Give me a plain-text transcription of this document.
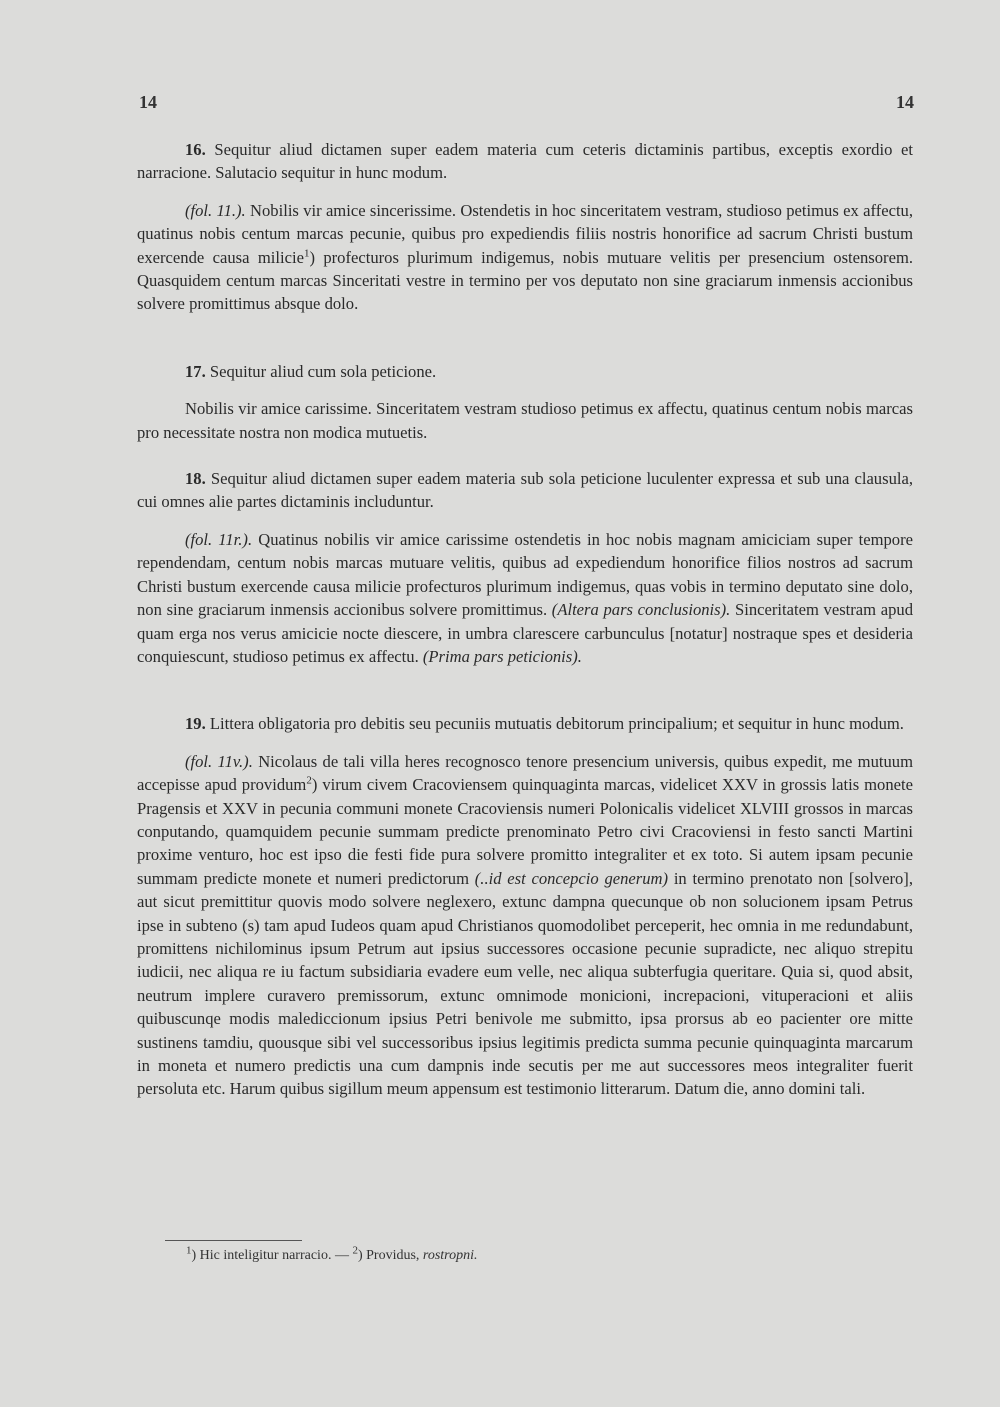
14	14

16. Sequitur aliud dictamen super eadem materia cum ceteris dictaminis partibus, exceptis exordio et narracione. Salutacio sequitur in hunc modum.

(fol. 11.). Nobilis vir amice sincerissime. Ostendetis in hoc sinceritatem vestram, studioso petimus ex affectu, quatinus nobis centum marcas pecunie, quibus pro expediendis filiis nostris honorifice ad sacrum Christi bustum exercende causa milicie$^1$) profecturos plurimum indigemus, nobis mutuare velitis per presencium ostensorem. Quasquidem centum marcas Sinceritati vestre in termino per vos deputato non sine graciarum inmensis accionibus solvere promittimus absque dolo.

17. Sequitur aliud cum sola peticione.

Nobilis vir amice carissime. Sinceritatem vestram studioso petimus ex affectu, quatinus centum nobis marcas pro necessitate nostra non modica mutuetis.

18. Sequitur aliud dictamen super eadem materia sub sola peticione luculenter expressa et sub una clausula, cui omnes alie partes dictaminis includuntur.

(fol. 11r.). Quatinus nobilis vir amice carissime ostendetis in hoc nobis magnam amiciciam super tempore rependendam, centum nobis marcas mutuare velitis, quibus ad expediendum honorifice filios nostros ad sacrum Christi bustum exercende causa milicie profecturos plurimum indigemus, quas vobis in termino deputato sine dolo, non sine graciarum inmensis accionibus solvere promittimus. (Altera pars conclusionis). Sinceritatem vestram apud quam erga nos verus amicicie nocte diescere, in umbra clarescere carbunculus [notatur] nostraque spes et desideria conquiescunt, studioso petimus ex affectu. (Prima pars peticionis).

19. Littera obligatoria pro debitis seu pecuniis mutuatis debitorum principalium; et sequitur in hunc modum.

(fol. 11v.). Nicolaus de tali villa heres recognosco tenore presencium universis, quibus expedit, me mutuum accepisse apud providum$^2$) virum civem Cracoviensem quinquaginta marcas, videlicet XXV in grossis latis monete Pragensis et XXV in pecunia communi monete Cracoviensis numeri Polonicalis videlicet XLVIII grossos in marcas conputando, quamquidem pecunie summam predicte prenominato Petro civi Cracoviensi in festo sancti Martini proxime venturo, hoc est ipso die festi fide pura solvere promitto integraliter et ex toto. Si autem ipsam pecunie summam predicte monete et numeri predictorum (..id est concepcio generum) in termino prenotato non [solvero], aut sicut premittitur quovis modo solvere neglexero, extunc dampna quecunque ob non solucionem ipsam Petrus ipse in subteno (s) tam apud Iudeos quam apud Christianos quomodolibet perceperit, hec omnia in me redundabunt, promittens nichilominus ipsum Petrum aut ipsius successores occasione pecunie supradicte, nec aliquo strepitu iudicii, nec aliqua re iu factum subsidiaria evadere eum velle, nec aliqua subterfugia queritare. Quia si, quod absit, neutrum implere curavero premissorum, extunc omnimode monicioni, increpacioni, vituperacioni et aliis quibuscunqe modis malediccionum ipsius Petri benivole me submitto, ipsa prorsus ab eo pacienter ore mitte sustinens tamdiu, quousque sibi vel successoribus ipsius legitimis predicta summa pecunie quinquaginta marcarum in moneta et numero predictis una cum dampnis inde secutis per me aut successores meos integraliter fuerit persoluta etc. Harum quibus sigillum meum appensum est testimonio litterarum. Datum die, anno domini tali.

$^1$) Hic inteligitur narracio. — $^2$) Providus, rostropni.
